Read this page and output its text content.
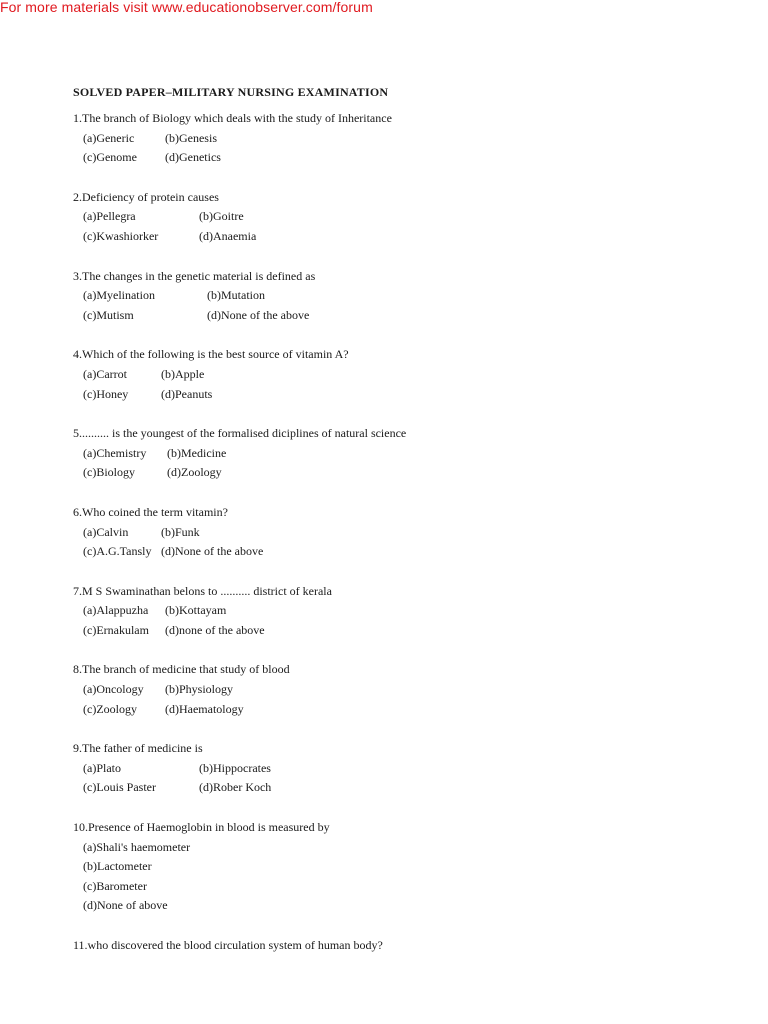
For more materials visit www.educationobserver.com/forum
SOLVED PAPER–MILITARY NURSING EXAMINATION
1.The branch of Biology which deals with the study of Inheritance
(a)Generic	(b)Genesis
(c)Genome (d)Genetics
2.Deficiency of protein causes
(a)Pellegra	(b)Goitre
(c)Kwashiorker	(d)Anaemia
3.The changes in the genetic material is defined as
(a)Myelination	(b)Mutation
(c)Mutism	(d)None of the above
4.Which of the following is the best source of vitamin A?
(a)Carrot	(b)Apple
(c)Honey	(d)Peanuts
5.......... is the youngest of the formalised diciplines of natural science
(a)Chemistry (b)Medicine
(c)Biology	(d)Zoology
6.Who coined the term vitamin?
(a)Calvin	(b)Funk
(c)A.G.Tansly (d)None of the above
7.M S Swaminathan belons to .......... district of kerala
(a)Alappuzha (b)Kottayam
(c)Ernakulam (d)none of the above
8.The branch of medicine that study of blood
(a)Oncology (b)Physiology
(c)Zoology (d)Haematology
9.The father of medicine is
(a)Plato	(b)Hippocrates
(c)Louis Paster	(d)Rober Koch
10.Presence of Haemoglobin in blood is measured by
(a)Shali's haemometer
(b)Lactometer
(c)Barometer
(d)None of above
11.who discovered the blood circulation system of human body?
